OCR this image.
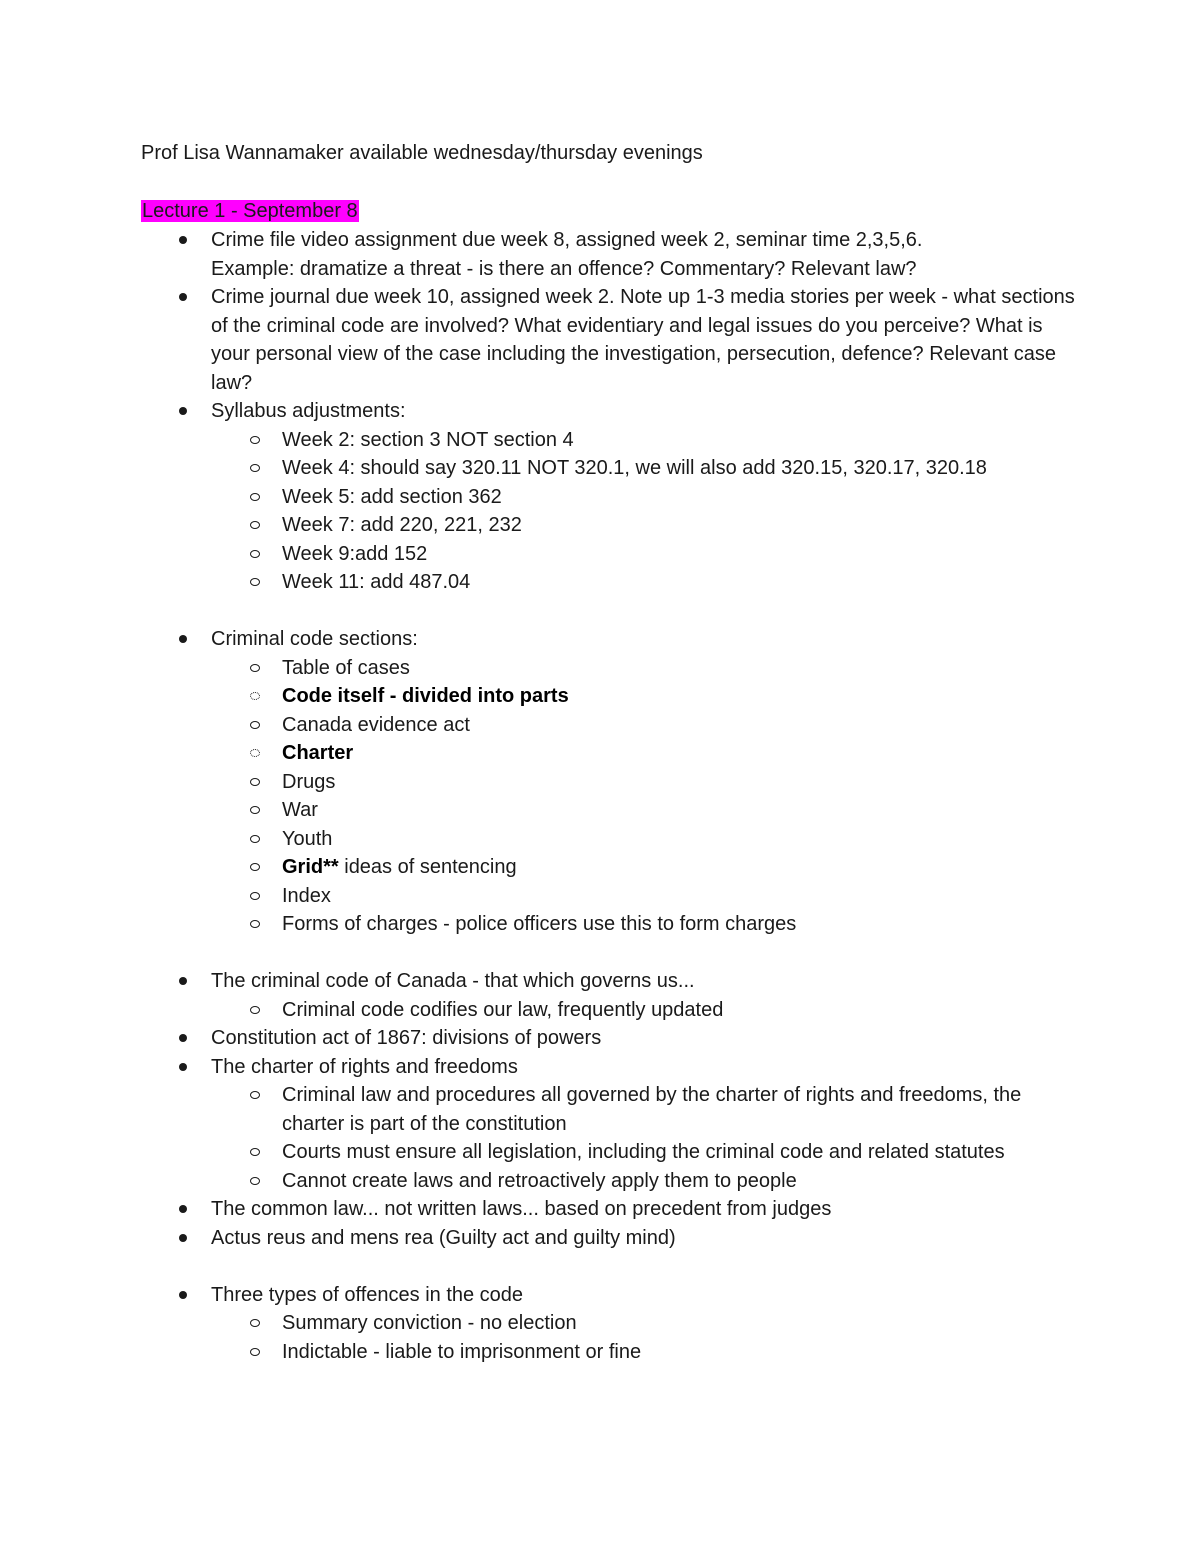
Prof Lisa Wannamaker available wednesday/thursday evenings

Lecture 1 - September 8

Crime file video assignment due week 8, assigned week 2, seminar time 2,3,5,6.
Example: dramatize a threat - is there an offence? Commentary? Relevant law?
Crime journal due week 10, assigned week 2. Note up 1-3 media stories per week - what sections of the criminal code are involved? What evidentiary and legal issues do you perceive? What is your personal view of the case including the investigation, persecution, defence? Relevant case law?
Syllabus adjustments:
Week 2: section 3 NOT section 4
Week 4: should say 320.11 NOT 320.1, we will also add 320.15, 320.17, 320.18
Week 5: add section 362
Week 7: add 220, 221, 232
Week 9:add 152
Week 11: add 487.04
Criminal code sections:
Table of cases
Code itself - divided into parts
Canada evidence act
Charter
Drugs
War
Youth
Grid** ideas of sentencing
Index
Forms of charges - police officers use this to form charges
The criminal code of Canada - that which governs us...
Criminal code codifies our law, frequently updated
Constitution act of 1867: divisions of powers
The charter of rights and freedoms
Criminal law and procedures all governed by the charter of rights and freedoms, the charter is part of the constitution
Courts must ensure all legislation, including the criminal code and related statutes
Cannot create laws and retroactively apply them to people
The common law... not written laws... based on precedent from judges
Actus reus and mens rea (Guilty act and guilty mind)
Three types of offences in the code
Summary conviction - no election
Indictable - liable to imprisonment or fine
